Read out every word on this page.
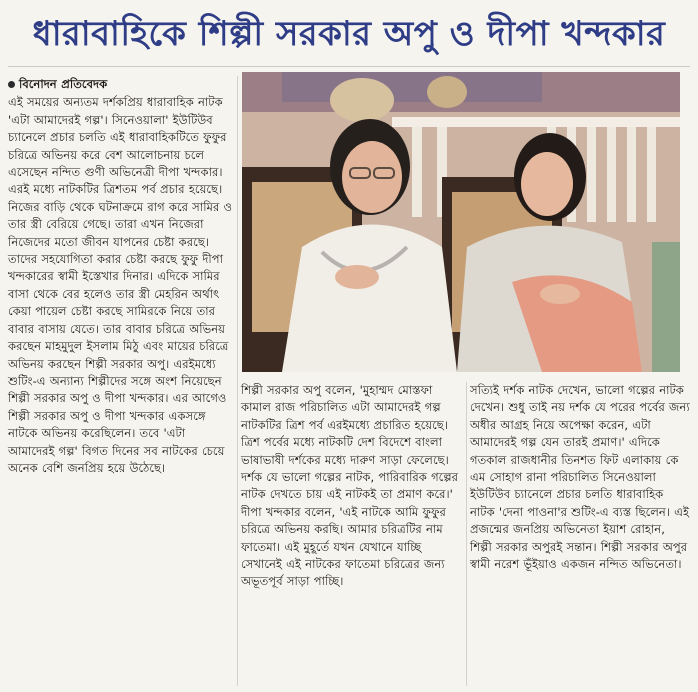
ধারাবাহিকে শিল্পী সরকার অপু ও দীপা খন্দকার
বিনোদন প্রতিবেদক

এই সময়ের অন্যতম দর্শকপ্রিয় ধারাবাহিক নাটক 'এটা আমাদেরই গল্প'। সিনেওয়ালা' ইউটিউব চ্যানেলে প্রচার চলতি এই ধারাবাহিকটিতে ফুফুর চরিত্রে অভিনয় করে বেশ আলোচনায় চলে এসেছেন নন্দিত গুণী অভিনেত্রী দীপা খন্দকার। এরই মধ্যে নাটকটির ত্রিশতম পর্ব প্রচার হয়েছে। নিজের বাড়ি থেকে ঘটনাক্রমে রাগ করে সামির ও তার স্ত্রী বেরিয়ে গেছে। তারা এখন নিজেরা নিজেদের মতো জীবন যাপনের চেষ্টা করছে। তাদের সহযোগিতা করার চেষ্টা করছে ফুফু দীপা খন্দকারের স্বামী ইস্তেখার দিনার। এদিকে সামির বাসা থেকে বের হলেও তার স্ত্রী মেহরিন অর্থাৎ কেয়া পায়েল চেষ্টা করছে সামিরকে নিয়ে তার বাবার বাসায় যেতে। তার বাবার চরিত্রে অভিনয় করছেন মাহমুদুল ইসলাম মিঠু এবং মায়ের চরিত্রে অভিনয় করছেন শিল্পী সরকার অপু। এরইমধ্যে শুটিং-এ অন্যান্য শিল্পীদের সঙ্গে অংশ নিয়েছেন শিল্পী সরকার অপু ও দীপা খন্দকার। এর আগেও শিল্পী সরকার অপু ও দীপা খন্দকার একসঙ্গে নাটকে অভিনয় করেছিলেন। তবে 'এটা আমাদেরই গল্প' বিগত দিনের সব নাটকের চেয়ে অনেক বেশি জনপ্রিয় হয়ে উঠেছে।

শিল্পী সরকার অপু বলেন, 'মুহাম্মদ মোস্তফা কামাল রাজ পরিচালিত এটা আমাদেরই গল্প নাটকটির ত্রিশ পর্ব এরইমধ্যে প্রচারিত হয়েছে। ত্রিশ পর্বের মধ্যে নাটকটি দেশ বিদেশে বাংলা ভাষাভাষী দর্শকের মধ্যে দারুণ সাড়া ফেলেছে। দর্শক যে ভালো গল্পের নাটক, পারিবারিক গল্পের নাটক দেখতে চায় এই নাটকই তা প্রমাণ করে।' দীপা খন্দকার বলেন, 'এই নাটকে আমি ফুফুর চরিত্রে অভিনয় করছি। আমার চরিত্রটির নাম ফাতেমা। এই মুহূর্তে যখন যেখানে যাচ্ছি সেখানেই এই নাটকের ফাতেমা চরিত্রের জন্য অভূতপূর্ব সাড়া পাচ্ছি।

সত্যিই দর্শক নাটক দেখেন, ভালো গল্পের নাটক দেখেন। শুধু তাই নয় দর্শক যে পরের পর্বের জন্য অধীর আগ্রহ নিয়ে অপেক্ষা করেন, এটা আমাদেরই গল্প যেন তারই প্রমাণ।' এদিকে গতকাল রাজধানীর তিনশত ফিট এলাকায় কে এম সোহাগ রানা পরিচালিত সিনেওয়ালা ইউটিউব চ্যানেলে প্রচার চলতি ধারাবাহিক নাটক 'দেনা পাওনা'র শুটিং-এ ব্যস্ত ছিলেন। এই প্রজন্মের জনপ্রিয় অভিনেতা ইয়াশ রোহান, শিল্পী সরকার অপুরই সন্তান। শিল্পী সরকার অপুর স্বামী নরেশ ভূঁইয়াও একজন নন্দিত অভিনেতা।
